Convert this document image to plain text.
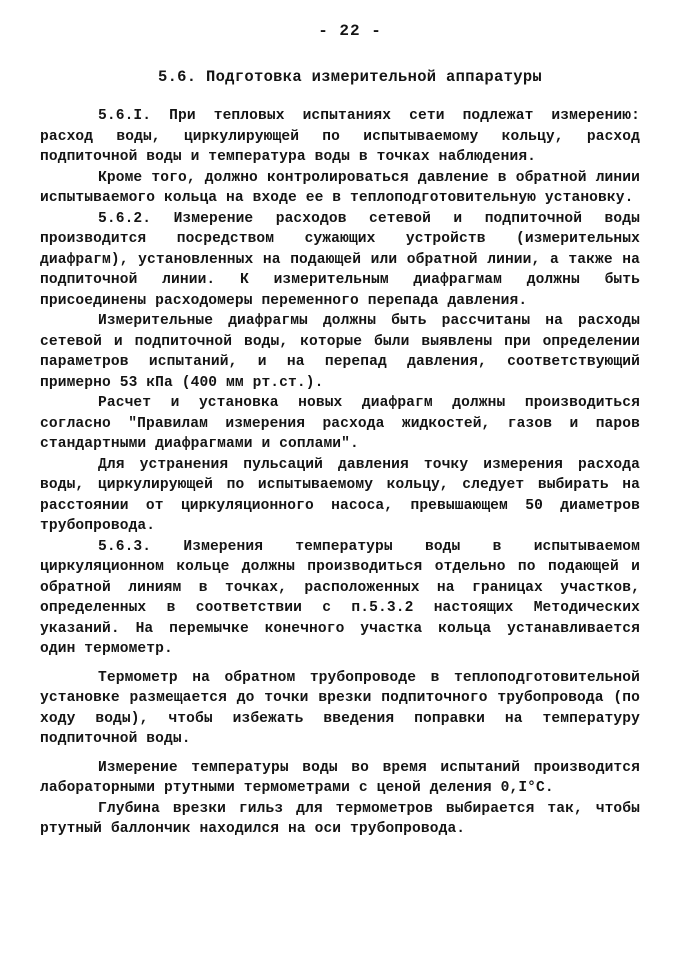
- 22 -
5.6. Подготовка измерительной аппаратуры

5.6.I. При тепловых испытаниях сети подлежат измерению: расход воды, циркулирующей по испытываемому кольцу, расход подпиточной воды и температура воды в точках наблюдения.

Кроме того, должно контролироваться давление в обратной линии испытываемого кольца на входе ее в теплоподготовительную установку.

5.6.2. Измерение расходов сетевой и подпиточной воды производится посредством сужающих устройств (измерительных диафрагм), установленных на подающей или обратной линии, а также на подпиточной линии. К измерительным диафрагмам должны быть присоединены расходомеры переменного перепада давления.

Измерительные диафрагмы должны быть рассчитаны на расходы сетевой и подпиточной воды, которые были выявлены при определении параметров испытаний, и на перепад давления, соответствующий примерно 53 кПа (400 мм рт.ст.).

Расчет и установка новых диафрагм должны производиться согласно "Правилам измерения расхода жидкостей, газов и паров стандартными диафрагмами и соплами".

Для устранения пульсаций давления точку измерения расхода воды, циркулирующей по испытываемому кольцу, следует выбирать на расстоянии от циркуляционного насоса, превышающем 50 диаметров трубопровода.

5.6.3. Измерения температуры воды в испытываемом циркуляционном кольце должны производиться отдельно по подающей и обратной линиям в точках, расположенных на границах участков, определенных в соответствии с п.5.3.2 настоящих Методических указаний. На перемычке конечного участка кольца устанавливается один термометр.

Термометр на обратном трубопроводе в теплоподготовительной установке размещается до точки врезки подпиточного трубопровода (по ходу воды), чтобы избежать введения поправки на температуру подпиточной воды.

Измерение температуры воды во время испытаний производится лабораторными ртутными термометрами с ценой деления 0,I°С.

Глубина врезки гильз для термометров выбирается так, чтобы ртутный баллончик находился на оси трубопровода.
